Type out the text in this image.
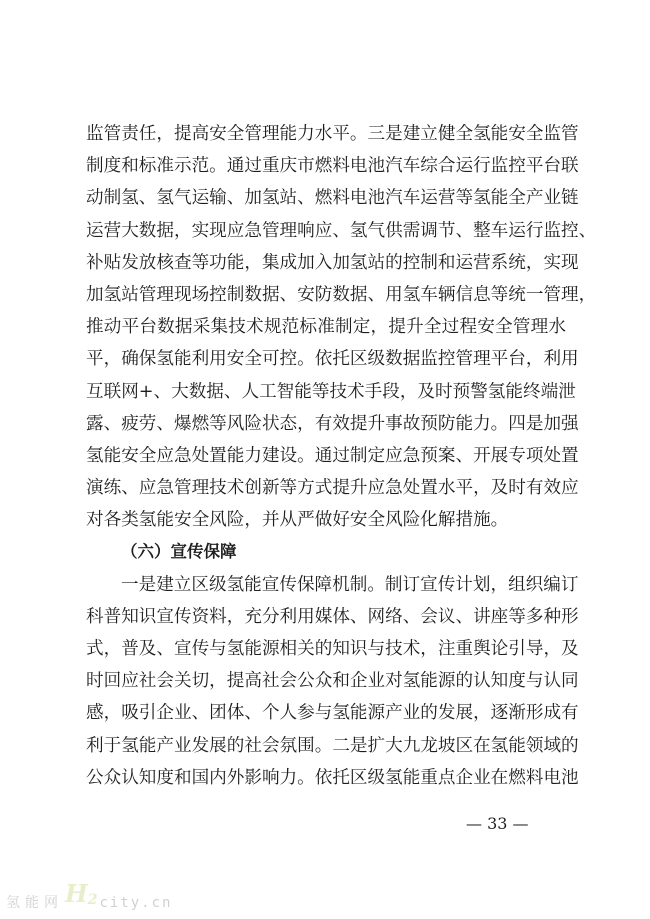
监管责任，提高安全管理能力水平。三是建立健全氢能安全监管
制度和标准示范。通过重庆市燃料电池汽车综合运行监控平台联
动制氢、氢气运输、加氢站、燃料电池汽车运营等氢能全产业链
运营大数据，实现应急管理响应、氢气供需调节、整车运行监控、
补贴发放核查等功能，集成加入加氢站的控制和运营系统，实现
加氢站管理现场控制数据、安防数据、用氢车辆信息等统一管理，
推动平台数据采集技术规范标准制定，提升全过程安全管理水
平，确保氢能利用安全可控。依托区级数据监控管理平台，利用
互联网+、大数据、人工智能等技术手段，及时预警氢能终端泄
露、疲劳、爆燃等风险状态，有效提升事故预防能力。四是加强
氢能安全应急处置能力建设。通过制定应急预案、开展专项处置
演练、应急管理技术创新等方式提升应急处置水平，及时有效应
对各类氢能安全风险，并从严做好安全风险化解措施。
（六）宣传保障
一是建立区级氢能宣传保障机制。制订宣传计划，组织编订
科普知识宣传资料，充分利用媒体、网络、会议、讲座等多种形
式，普及、宣传与氢能源相关的知识与技术，注重舆论引导，及
时回应社会关切，提高社会公众和企业对氢能源的认知度与认同
感，吸引企业、团体、个人参与氢能源产业的发展，逐渐形成有
利于氢能产业发展的社会氛围。二是扩大九龙坡区在氢能领域的
公众认知度和国内外影响力。依托区级氢能重点企业在燃料电池
— 33 —
氢能网 $H_2$ city.cn
